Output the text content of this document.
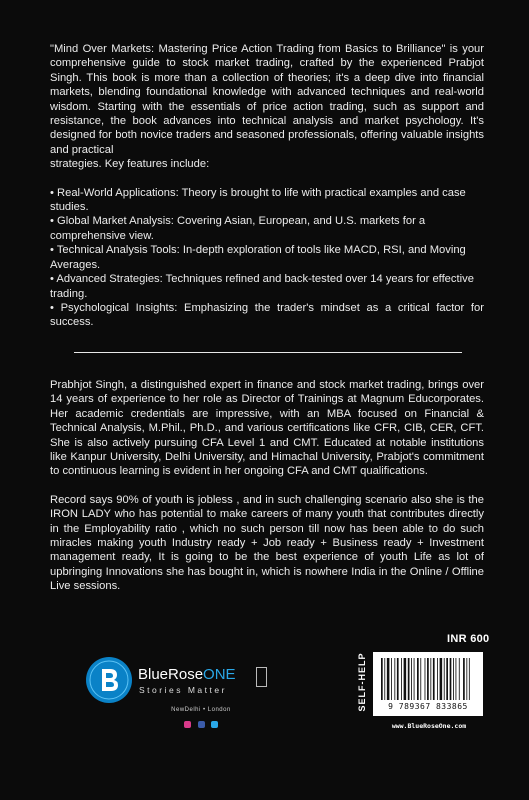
"Mind Over Markets: Mastering Price Action Trading from Basics to Brilliance" is your comprehensive guide to stock market trading, crafted by the experienced Prabjot Singh. This book is more than a collection of theories; it's a deep dive into financial markets, blending foundational knowledge with advanced techniques and real-world wisdom. Starting with the essentials of price action trading, such as support and resistance, the book advances into technical analysis and market psychology. It's designed for both novice traders and seasoned professionals, offering valuable insights and practical

strategies. Key features include:

• Real-World Applications: Theory is brought to life with practical examples and case studies.
• Global Market Analysis: Covering Asian, European, and U.S. markets for a comprehensive view.
• Technical Analysis Tools: In-depth exploration of tools like MACD, RSI, and Moving Averages.
• Advanced Strategies: Techniques refined and back-tested over 14 years for effective trading.
• Psychological Insights: Emphasizing the trader's mindset as a critical factor for success.

Prabhjot Singh, a distinguished expert in finance and stock market trading, brings over 14 years of experience to her role as Director of Trainings at Magnum Educorporates. Her academic credentials are impressive, with an MBA focused on Financial & Technical Analysis, M.Phil., Ph.D., and various certifications like CFR, CIB, CER, CFT. She is also actively pursuing CFA Level 1 and CMT. Educated at notable institutions like Kanpur University, Delhi University, and Himachal University, Prabjot's commitment to continuous learning is evident in her ongoing CFA and CMT qualifications.

Record says 90% of youth is jobless , and in such challenging scenario also she is the IRON LADY who has potential to make careers of many youth that contributes directly in the Employability ratio , which no such person till now has been able to do such miracles making youth Industry ready + Job ready + Business ready + Investment management ready, It is going to be the best experience of youth Life as lot of upbringing Innovations she has bought in, which is nowhere India in the Online / Offline Live sessions.

BlueRoseONE
Stories Matter
NewDelhi • London
	SELF-HELP
INR 600
9 789367 833865
www.BlueRoseOne.com
